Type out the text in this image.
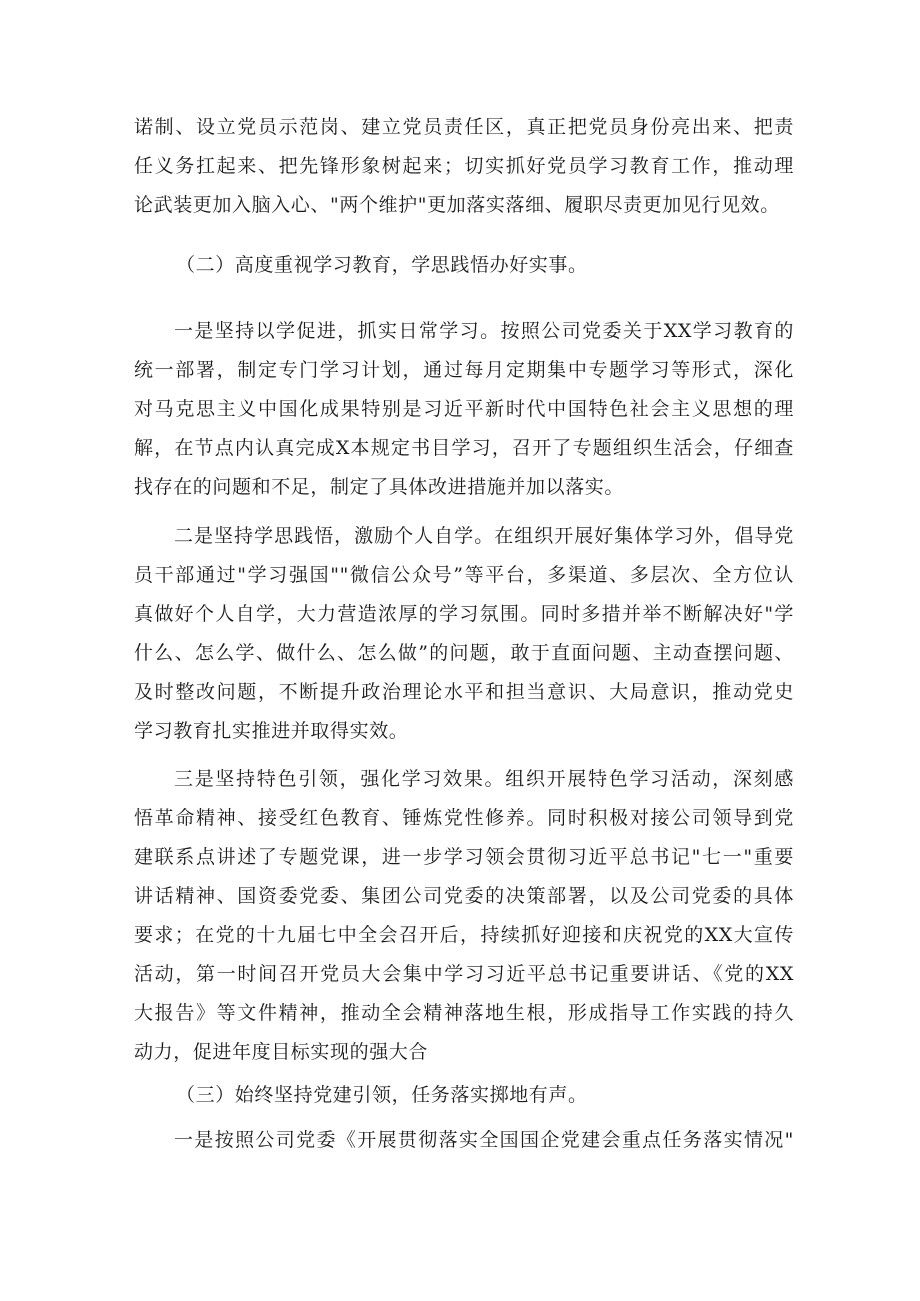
诺制、设立党员示范岗、建立党员责任区，真正把党员身份亮出来、把责
任义务扛起来、把先锋形象树起来；切实抓好党员学习教育工作，推动理
论武装更加入脑入心、"两个维护"更加落实落细、履职尽责更加见行见效。
（二）高度重视学习教育，学思践悟办好实事。
一是坚持以学促进，抓实日常学习。按照公司党委关于XX学习教育的
统一部署，制定专门学习计划，通过每月定期集中专题学习等形式，深化
对马克思主义中国化成果特别是习近平新时代中国特色社会主义思想的理
解，在节点内认真完成X本规定书目学习，召开了专题组织生活会，仔细查
找存在的问题和不足，制定了具体改进措施并加以落实。
二是坚持学思践悟，激励个人自学。在组织开展好集体学习外，倡导党
员干部通过"学习强国""微信公众号”等平台，多渠道、多层次、全方位认
真做好个人自学，大力营造浓厚的学习氛围。同时多措并举不断解决好"学
什么、怎么学、做什么、怎么做”的问题，敢于直面问题、主动查摆问题、
及时整改问题，不断提升政治理论水平和担当意识、大局意识，推动党史
学习教育扎实推进并取得实效。
三是坚持特色引领，强化学习效果。组织开展特色学习活动，深刻感
悟革命精神、接受红色教育、锤炼党性修养。同时积极对接公司领导到党
建联系点讲述了专题党课，进一步学习领会贯彻习近平总书记"七一"重要
讲话精神、国资委党委、集团公司党委的决策部署，以及公司党委的具体
要求；在党的十九届七中全会召开后，持续抓好迎接和庆祝党的XX大宣传
活动，第一时间召开党员大会集中学习习近平总书记重要讲话、《党的XX
大报告》等文件精神，推动全会精神落地生根，形成指导工作实践的持久
动力，促进年度目标实现的强大合
（三）始终坚持党建引领，任务落实掷地有声。
一是按照公司党委《开展贯彻落实全国国企党建会重点任务落实情况"
